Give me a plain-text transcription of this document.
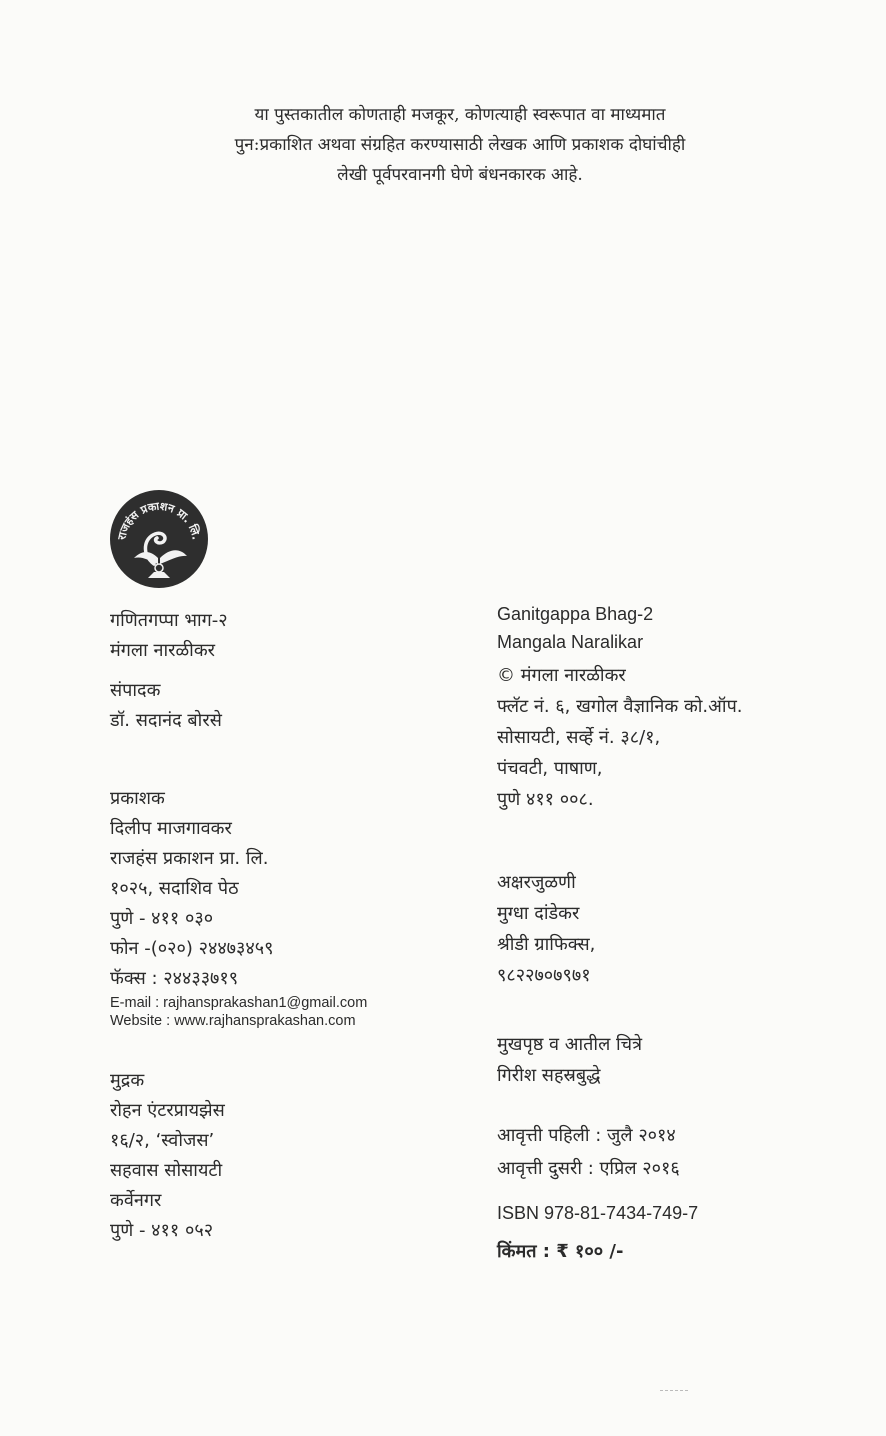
या पुस्तकातील कोणताही मजकूर, कोणत्याही स्वरूपात वा माध्यमात
पुन:प्रकाशित अथवा संग्रहित करण्यासाठी लेखक आणि प्रकाशक दोघांचीही
लेखी पूर्वपरवानगी घेणे बंधनकारक आहे.
राजहंस प्रकाशन प्रा. लि.
गणितगप्पा भाग-२
मंगला नारळीकर
संपादक
डॉ. सदानंद बोरसे
प्रकाशक
दिलीप माजगावकर
राजहंस प्रकाशन प्रा. लि.
१०२५, सदाशिव पेठ
पुणे - ४११ ०३०
फोन -(०२०) २४४७३४५९
फॅक्स : २४४३३७१९
E-mail : rajhansprakashan1@gmail.com
Website : www.rajhansprakashan.com
मुद्रक
रोहन एंटरप्रायझेस
१६/२, ‘स्वोजस’
सहवास सोसायटी
कर्वेनगर
पुणे - ४११ ०५२
Ganitgappa Bhag-2
Mangala Naralikar
© मंगला नारळीकर
फ्लॅट नं. ६, खगोल वैज्ञानिक को.ऑप.
सोसायटी, सर्व्हे नं. ३८/१,
पंचवटी, पाषाण,
पुणे ४११ ००८.
अक्षरजुळणी
मुग्धा दांडेकर
श्रीडी ग्राफिक्स,
९८२२७०७९७१
मुखपृष्ठ व आतील चित्रे
गिरीश सहस्रबुद्धे
आवृत्ती पहिली : जुलै २०१४
आवृत्ती दुसरी : एप्रिल २०१६
ISBN 978-81-7434-749-7
किंमत : ₹ १०० /-
